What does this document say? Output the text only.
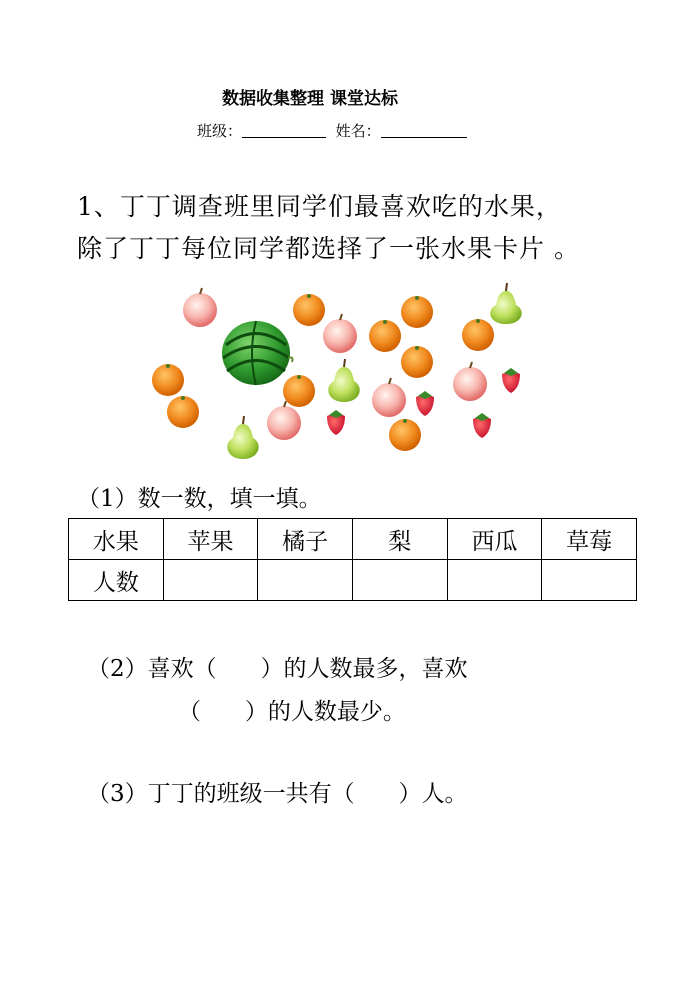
数据收集整理 课堂达标
班级：	姓名：
1、丁丁调查班里同学们最喜欢吃的水果，
除了丁丁每位同学都选择了一张水果卡片 。
（1）数一数，填一填。
水果	苹果	橘子	梨	西瓜	草莓
人数					
（2）喜欢（      ）的人数最多，喜欢
（      ）的人数最少。
（3）丁丁的班级一共有（      ）人。
